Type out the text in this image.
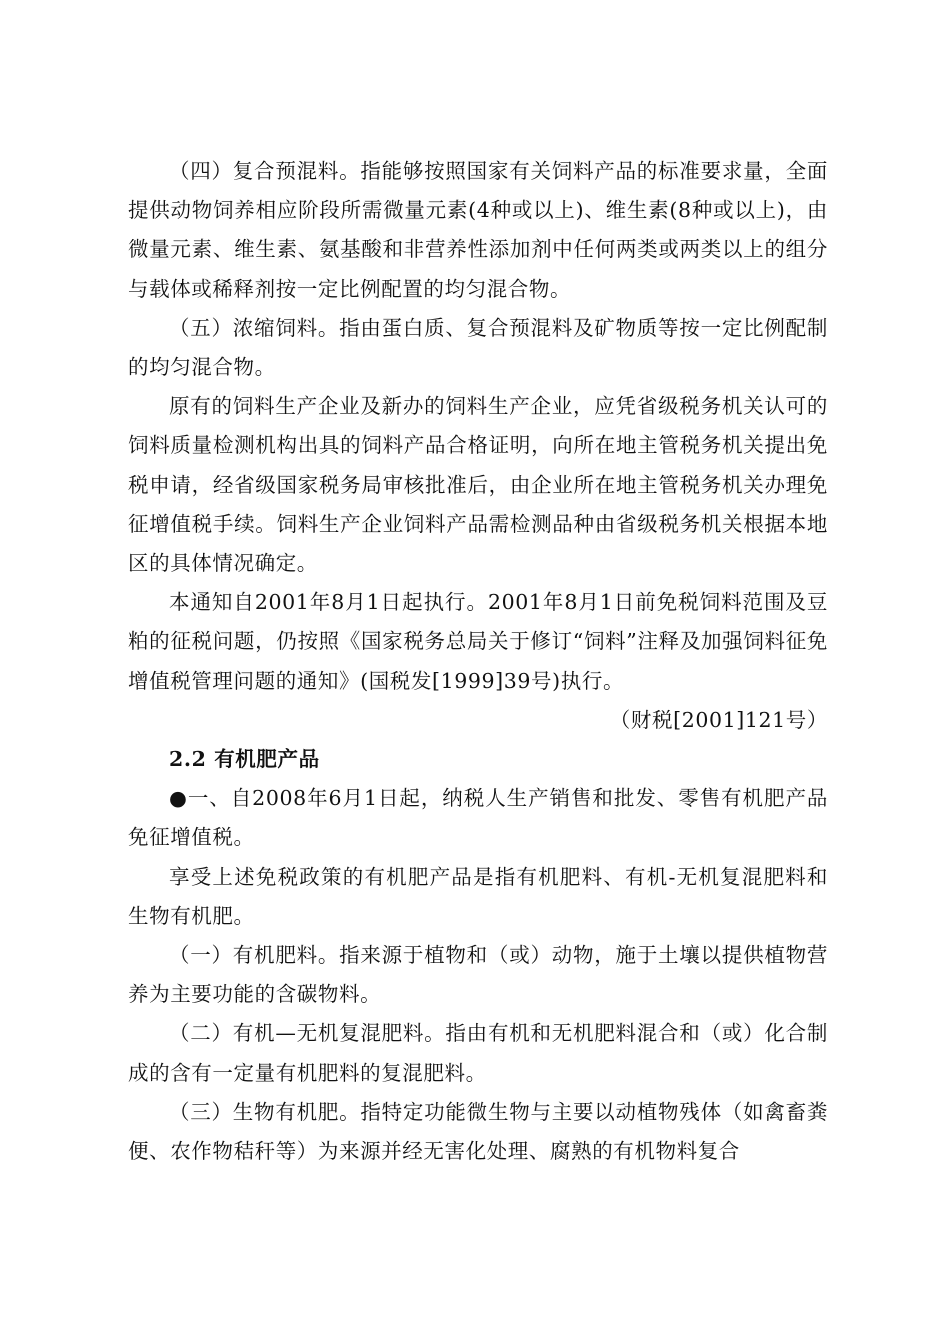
（四）复合预混料。指能够按照国家有关饲料产品的标准要求量，全面提供动物饲养相应阶段所需微量元素(4种或以上)、维生素(8种或以上)，由微量元素、维生素、氨基酸和非营养性添加剂中任何两类或两类以上的组分与载体或稀释剂按一定比例配置的均匀混合物。

（五）浓缩饲料。指由蛋白质、复合预混料及矿物质等按一定比例配制的均匀混合物。

原有的饲料生产企业及新办的饲料生产企业，应凭省级税务机关认可的饲料质量检测机构出具的饲料产品合格证明，向所在地主管税务机关提出免税申请，经省级国家税务局审核批准后，由企业所在地主管税务机关办理免征增值税手续。饲料生产企业饲料产品需检测品种由省级税务机关根据本地区的具体情况确定。

本通知自2001年8月1日起执行。2001年8月1日前免税饲料范围及豆粕的征税问题，仍按照《国家税务总局关于修订“饲料”注释及加强饲料征免增值税管理问题的通知》(国税发[1999]39号)执行。

（财税[2001]121号）

2.2 有机肥产品

●一、自2008年6月1日起，纳税人生产销售和批发、零售有机肥产品免征增值税。

享受上述免税政策的有机肥产品是指有机肥料、有机-无机复混肥料和生物有机肥。

（一）有机肥料。指来源于植物和（或）动物，施于土壤以提供植物营养为主要功能的含碳物料。

（二）有机—无机复混肥料。指由有机和无机肥料混合和（或）化合制成的含有一定量有机肥料的复混肥料。

（三）生物有机肥。指特定功能微生物与主要以动植物残体（如禽畜粪便、农作物秸秆等）为来源并经无害化处理、腐熟的有机物料复合
